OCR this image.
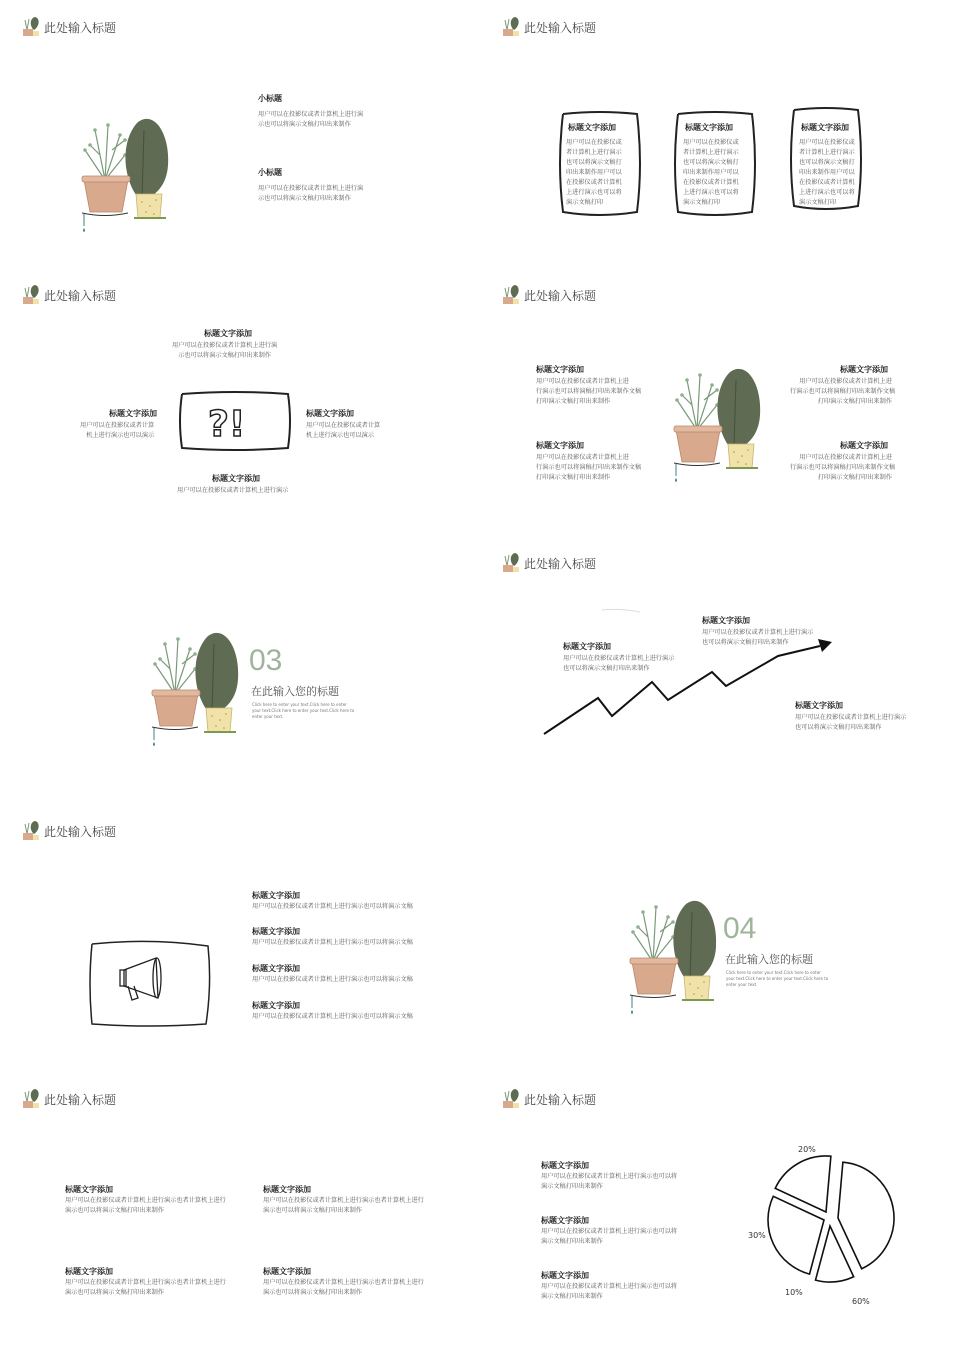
此处输入标题
小标题
用户可以在投影仪或者计算机上进行演
示也可以将演示文稿打印出来制作
小标题
用户可以在投影仪或者计算机上进行演
示也可以将演示文稿打印出来制作
此处输入标题
标题文字添加
用户可以在投影仪或
者计算机上进行演示
也可以将演示文稿打
印出来制作用户可以
在投影仪或者计算机
上进行演示也可以将
演示文稿打印
标题文字添加
用户可以在投影仪或
者计算机上进行演示
也可以将演示文稿打
印出来制作用户可以
在投影仪或者计算机
上进行演示也可以将
演示文稿打印
标题文字添加
用户可以在投影仪或
者计算机上进行演示
也可以将演示文稿打
印出来制作用户可以
在投影仪或者计算机
上进行演示也可以将
演示文稿打印
此处输入标题
标题文字添加
用户可以在投影仪或者计算机上进行演
示也可以将演示文稿打印出来制作
标题文字添加
用户可以在投影仪或者计算
机上进行演示也可以演示 ?!	标题文字添加
用户可以在投影仪或者计算
机上进行演示也可以演示
标题文字添加
用户可以在投影仪或者计算机上进行演示
此处输入标题
标题文字添加
用户可以在投影仪或者计算机上进
行演示也可以将演稿打印出来制作文稿
打印演示文稿打印出来制作
标题文字添加
用户可以在投影仪或者计算机上进
行演示也可以将演稿打印出来制作文稿
打印演示文稿打印出来制作
标题文字添加
用户可以在投影仪或者计算机上进
行演示也可以将演稿打印出来制作文稿
打印演示文稿打印出来制作
标题文字添加
用户可以在投影仪或者计算机上进
行演示也可以将演稿打印出来制作文稿
打印演示文稿打印出来制作
03
在此输入您的标题
Click here to enter your text.Click here to enter
your text.Click here to enter your text.Click here to
enter your text.
此处输入标题
标题文字添加
用户可以在投影仪或者计算机上进行演示
也可以将演示文稿打印出来制作
标题文字添加
用户可以在投影仪或者计算机上进行演示
也可以将演示文稿打印出来制作
标题文字添加
用户可以在投影仪或者计算机上进行演示
也可以将演示文稿打印出来制作
此处输入标题
标题文字添加
用户可以在投影仪或者计算机上进行演示也可以将演示文稿
标题文字添加
用户可以在投影仪或者计算机上进行演示也可以将演示文稿
标题文字添加
用户可以在投影仪或者计算机上进行演示也可以将演示文稿
标题文字添加
用户可以在投影仪或者计算机上进行演示也可以将演示文稿
04
在此输入您的标题
Click here to enter your text.Click here to enter
your text.Click here to enter your text.Click here to
enter your text.
此处输入标题
标题文字添加
用户可以在投影仪或者计算机上进行演示也者计算机上进行
演示也可以将演示文稿打印出来制作
标题文字添加
用户可以在投影仪或者计算机上进行演示也者计算机上进行
演示也可以将演示文稿打印出来制作
标题文字添加
用户可以在投影仪或者计算机上进行演示也者计算机上进行
演示也可以将演示文稿打印出来制作
标题文字添加
用户可以在投影仪或者计算机上进行演示也者计算机上进行
演示也可以将演示文稿打印出来制作
此处输入标题
标题文字添加
用户可以在投影仪或者计算机上进行演示也可以将
演示文稿打印出来制作
标题文字添加
用户可以在投影仪或者计算机上进行演示也可以将
演示文稿打印出来制作
标题文字添加
用户可以在投影仪或者计算机上进行演示也可以将
演示文稿打印出来制作
60%
10%
30%
20%
